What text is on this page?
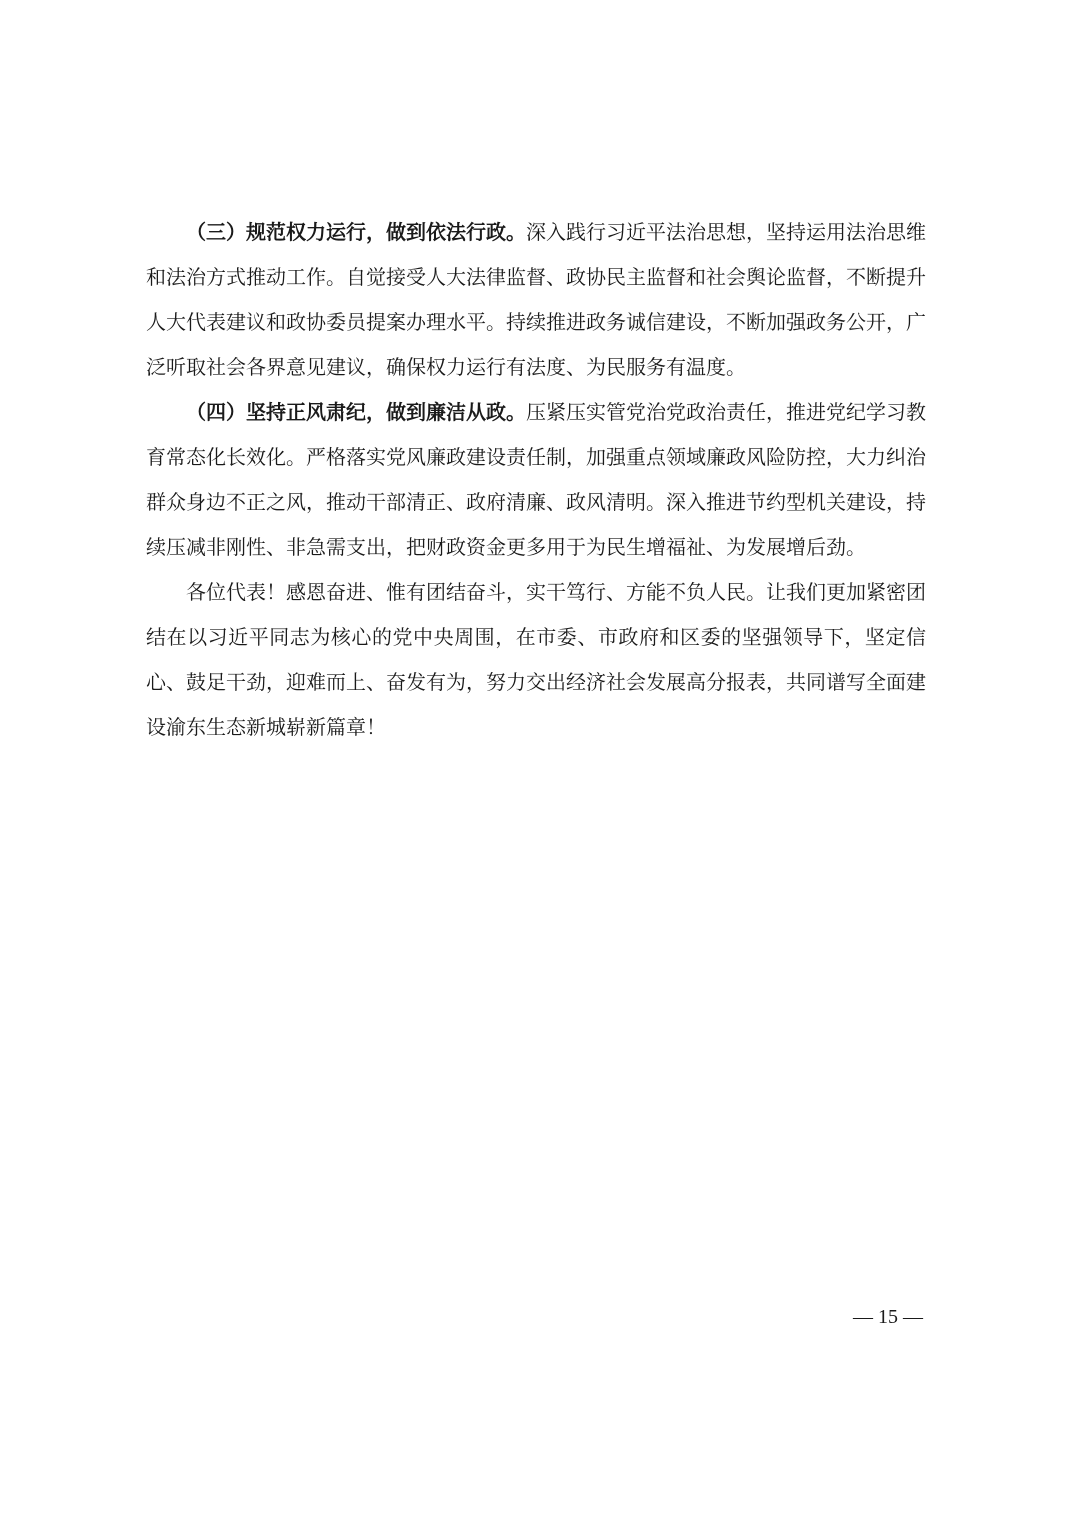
（三）规范权力运行，做到依法行政。深入践行习近平法治思想，坚持运用法治思维和法治方式推动工作。自觉接受人大法律监督、政协民主监督和社会舆论监督，不断提升人大代表建议和政协委员提案办理水平。持续推进政务诚信建设，不断加强政务公开，广泛听取社会各界意见建议，确保权力运行有法度、为民服务有温度。

（四）坚持正风肃纪，做到廉洁从政。压紧压实管党治党政治责任，推进党纪学习教育常态化长效化。严格落实党风廉政建设责任制，加强重点领域廉政风险防控，大力纠治群众身边不正之风，推动干部清正、政府清廉、政风清明。深入推进节约型机关建设，持续压减非刚性、非急需支出，把财政资金更多用于为民生增福祉、为发展增后劲。

各位代表！感恩奋进、惟有团结奋斗，实干笃行、方能不负人民。让我们更加紧密团结在以习近平同志为核心的党中央周围，在市委、市政府和区委的坚强领导下，坚定信心、鼓足干劲，迎难而上、奋发有为，努力交出经济社会发展高分报表，共同谱写全面建设渝东生态新城崭新篇章！

— 15 —
